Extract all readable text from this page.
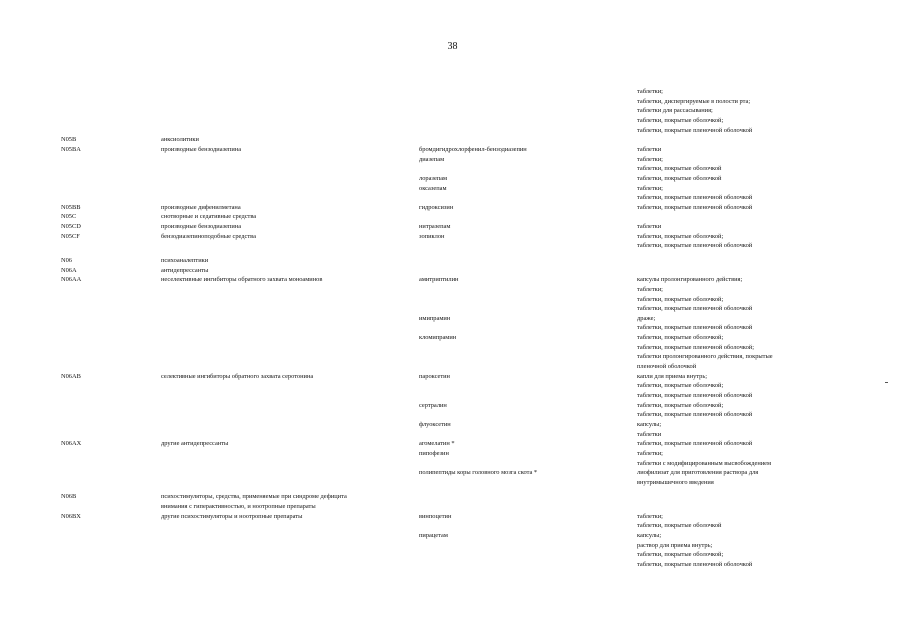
38
таблетки;
таблетки, диспергируемые в полости рта;
таблетки для рассасывания;
таблетки, покрытые оболочкой;
таблетки, покрытые пленочной оболочкой
N05B	анксиолитики
N05BA	производные бензодиазепина	бромдигидрохлорфенил-бензодиазепин	таблетки
диазепам	таблетки;
таблетки, покрытые оболочкой
лоразепам	таблетки, покрытые оболочкой
оксазепам	таблетки;
таблетки, покрытые пленочной оболочкой
N05BB	производные дифенилметана	гидроксизин	таблетки, покрытые пленочной оболочкой
N05C	снотворные и седативные средства
N05CD	производные бензодиазепина	нитразепам	таблетки
N05CF	бензодиазепиноподобные средства	зопиклон	таблетки, покрытые оболочкой;
таблетки, покрытые пленочной оболочкой
N06	психоаналептики
N06A	антидепрессанты
N06AA	неселективные ингибиторы обратного захвата моноаминов	амитриптилин	капсулы пролонгированного действия;
таблетки;
таблетки, покрытые оболочкой;
таблетки, покрытые пленочной оболочкой
имипрамин	драже;
таблетки, покрытые пленочной оболочкой
кломипрамин	таблетки, покрытые оболочкой;
таблетки, покрытые пленочной оболочкой;
таблетки пролонгированного действия, покрытые
пленочной оболочкой
N06AB	селективные ингибиторы обратного захвата серотонина	пароксетин	капли для приема внутрь;
таблетки, покрытые оболочкой;
таблетки, покрытые пленочной оболочкой
сертралин	таблетки, покрытые оболочкой;
таблетки, покрытые пленочной оболочкой
флуоксетин	капсулы;
таблетки
N06AX	другие антидепрессанты	агомелатин *	таблетки, покрытые пленочной оболочкой
пипофезин	таблетки;
таблетки с модифицированным высвобождением
полипептиды коры головного мозга скота *	лиофилизат для приготовления раствора для
внутримышечного введения
N06B	психостимуляторы, средства, применяемые при синдроме дефицита
внимания с гиперактивностью, и ноотропные препараты
N06BX	другие психостимуляторы и ноотропные препараты	винпоцетин	таблетки;
таблетки, покрытые оболочкой
пирацетам	капсулы;
раствор для приема внутрь;
таблетки, покрытые оболочкой;
таблетки, покрытые пленочной оболочкой
